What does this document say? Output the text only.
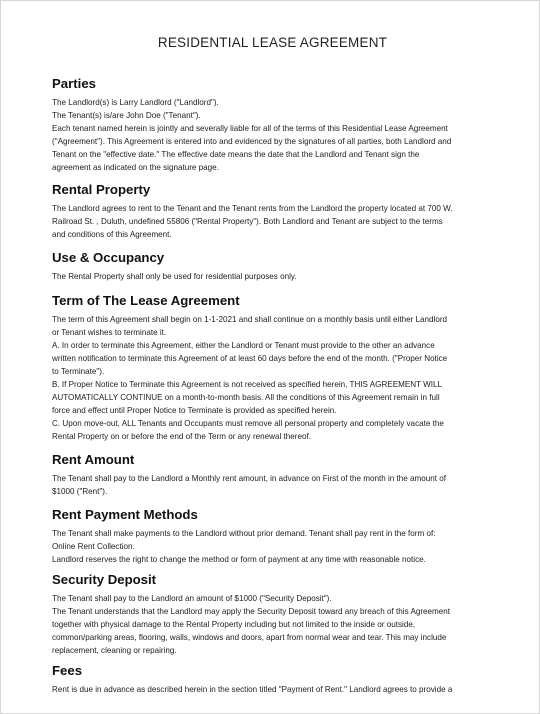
RESIDENTIAL LEASE AGREEMENT
Parties

The Landlord(s) is Larry Landlord ("Landlord").
The Tenant(s) is/are John Doe ("Tenant").
Each tenant named herein is jointly and severally liable for all of the terms of this Residential Lease Agreement
("Agreement"). This Agreement is entered into and evidenced by the signatures of all parties, both Landlord and
Tenant on the "effective date." The effective date means the date that the Landlord and Tenant sign the
agreement as indicated on the signature page.

Rental Property

The Landlord agrees to rent to the Tenant and the Tenant rents from the Landlord the property located at 700 W.
Railroad St. , Duluth, undefined 55806 ("Rental Property"). Both Landlord and Tenant are subject to the terms
and conditions of this Agreement.

Use & Occupancy

The Rental Property shall only be used for residential purposes only.

Term of The Lease Agreement

The term of this Agreement shall begin on 1-1-2021 and shall continue on a monthly basis until either Landlord
or Tenant wishes to terminate it.
A. In order to terminate this Agreement, either the Landlord or Tenant must provide to the other an advance
written notification to terminate this Agreement of at least 60 days before the end of the month. ("Proper Notice
to Terminate").
B. If Proper Notice to Terminate this Agreement is not received as specified herein, THIS AGREEMENT WILL
AUTOMATICALLY CONTINUE on a month-to-month basis. All the conditions of this Agreement remain in full
force and effect until Proper Notice to Terminate is provided as specified herein.
C. Upon move-out, ALL Tenants and Occupants must remove all personal property and completely vacate the
Rental Property on or before the end of the Term or any renewal thereof.

Rent Amount

The Tenant shall pay to the Landlord a Monthly rent amount, in advance on First of the month in the amount of
$1000 ("Rent").

Rent Payment Methods

The Tenant shall make payments to the Landlord without prior demand. Tenant shall pay rent in the form of:
Online Rent Collection.
Landlord reserves the right to change the method or form of payment at any time with reasonable notice.

Security Deposit

The Tenant shall pay to the Landlord an amount of $1000 ("Security Deposit").
The Tenant understands that the Landlord may apply the Security Deposit toward any breach of this Agreement
together with physical damage to the Rental Property including but not limited to the inside or outside,
common/parking areas, flooring, walls, windows and doors, apart from normal wear and tear. This may include
replacement, cleaning or repairing.

Fees

Rent is due in advance as described herein in the section titled "Payment of Rent." Landlord agrees to provide a
